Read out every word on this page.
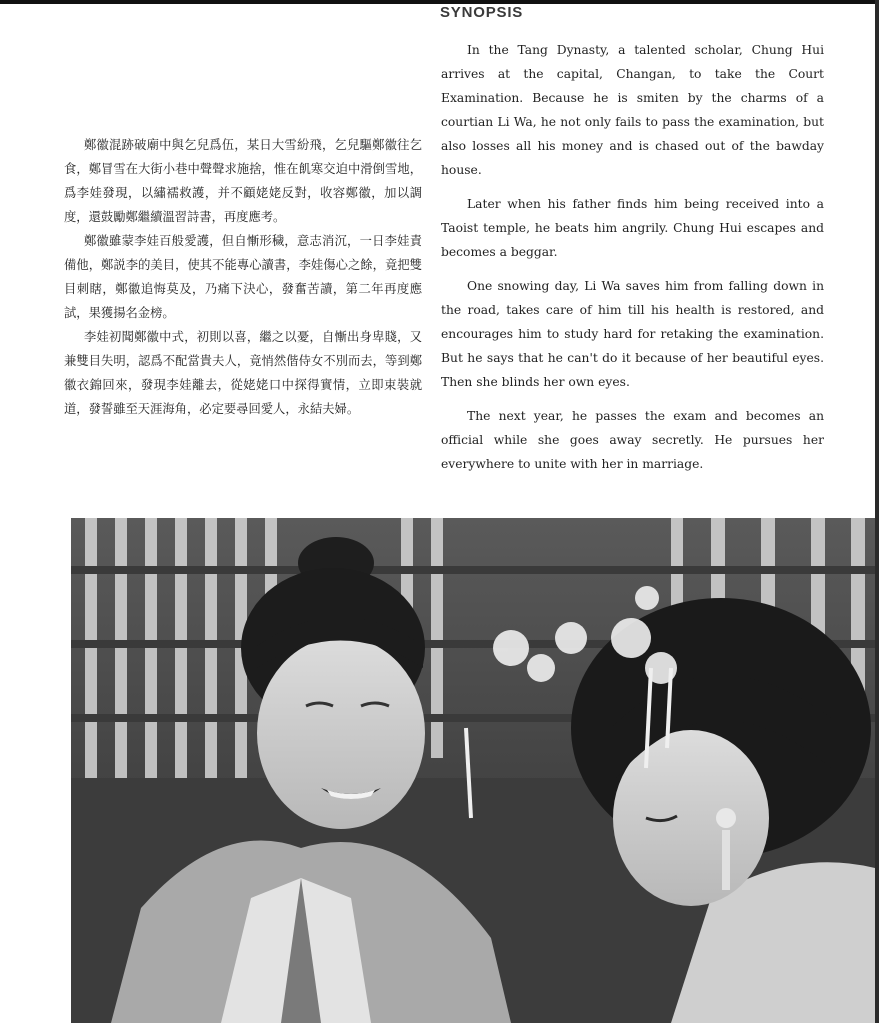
SYNOPSIS

In the Tang Dynasty, a talented scholar, Chung Hui arrives at the capital, Changan, to take the Court Examination. Because he is smiten by the charms of a courtian Li Wa, he not only fails to pass the examination, but also losses all his money and is chased out of the bawday house.

Later when his father finds him being received into a Taoist temple, he beats him angrily. Chung Hui escapes and becomes a beggar.

One snowing day, Li Wa saves him from falling down in the road, takes care of him till his health is restored, and encourages him to study hard for retaking the examination. But he says that he can't do it because of her beautiful eyes. Then she blinds her own eyes.

The next year, he passes the exam and becomes an official while she goes away secretly. He pursues her everywhere to unite with her in marriage.

鄭徽混跡破廟中與乞兒爲伍，某日大雪紛飛，乞兒驅鄭徽往乞食，鄭冒雪在大街小巷中聲聲求施捨，惟在飢寒交迫中滑倒雪地，爲李娃發現，以繡襦救護，并不顧姥姥反對，收容鄭徽，加以調度，還鼓勵鄭繼續溫習詩書，再度應考。

鄭徽雖蒙李娃百般愛護，但自慚形穢，意志消沉，一日李娃責備他，鄭説李的美目，使其不能專心讀書，李娃傷心之餘，竟把雙目刺瞎，鄭徽追悔莫及，乃痛下決心，發奮苦讀，第二年再度應試，果獲揚名金榜。

李娃初聞鄭徽中式，初則以喜，繼之以憂，自慚出身卑賤，又兼雙目失明，認爲不配當貴夫人，竟悄然偕侍女不別而去，等到鄭徽衣錦回來，發現李娃離去，從姥姥口中探得實情，立即束裝就道，發誓雖至天涯海角，必定要尋回愛人，永結夫婦。
